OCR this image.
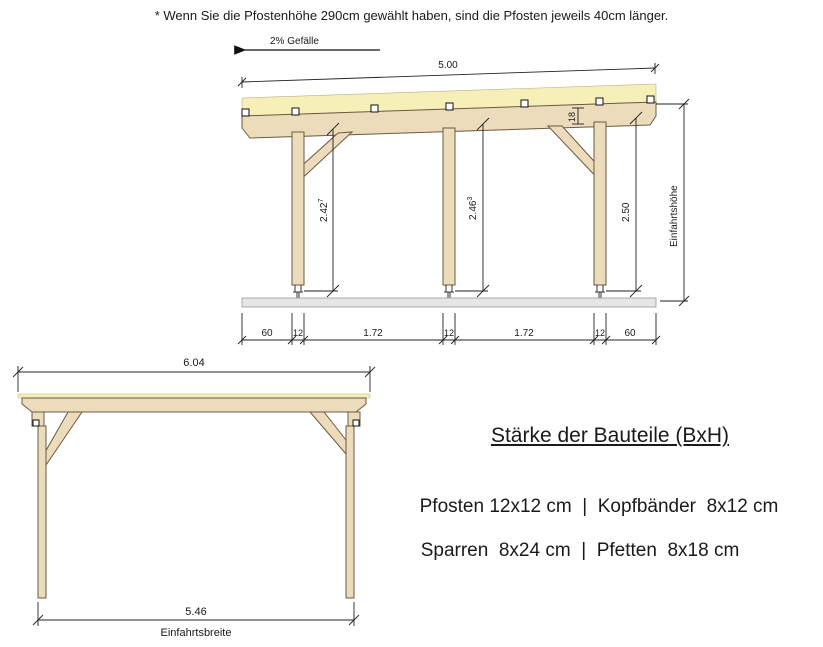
* Wenn Sie die Pfostenhöhe 290cm gewählt haben, sind die Pfosten jeweils 40cm länger.
2% Gefälle
5.00
2.42$^7$	2.46$^3$
2.50
18
Einfahrtshöhe
60 12	1.72	12	1.72	12 60
6.04
5.46
Einfahrtsbreite
Stärke der Bauteile (BxH)
Pfosten 12x12 cm  |  Kopfbänder  8x12 cm
Sparren  8x24 cm  |  Pfetten  8x18 cm
